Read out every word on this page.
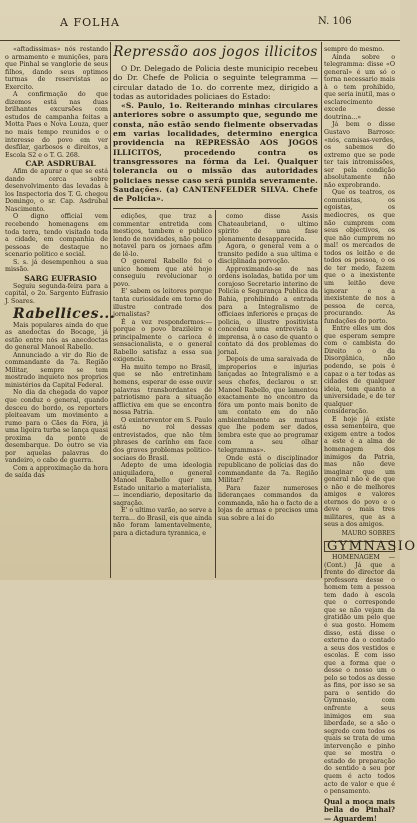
A FOLHA	N. 106

«aftadissimas» nós restando o armamento e munições, para que Pinhal se vanglorie de seus filhos, dando seus optimos turmas de reservistas ao Exercito.

A confirmação do que dizemos está nas duas brilhantes excursões com estudos de campanha feitas a Motta Paes e Nova Louza, quer no mais tempo reunidos e o interesse do povo em ver desfilar, garbosos e direitos, a Escola S2 e o T. G. 268.

CAP. ASDRUBAL

Afim de apurar o que se está dando cerca sobre desenvolvimento das levadas à los Inspectoria dos T. G. chegou Domingo, o sr. Cap. Asdrubal Nascimento.

O digno official vem recebendo homenagens em toda terra, tendo visitado toda a cidade, em companhia de pessoas de destaque no scenario politico e social.

S. s. já desempenhou a sua missão.

SARG EUFRASIO

Seguiu segunda-feira para a capital, o 2o. Sargento Eufrasio J. Soares.

Rabellices...

Mais populares ainda do que as anedoctas do Bocage, já estão entre nós as anecdoctas do general Manoel Rabello.

Annunciado a vir do Rio de commandante da 7a. Região Militar, sempre se tem mostrado inquieto nos proprios ministérios da Capital Federal.

No dia da chegada do vapor que conduz o general, quando desceu do bordo, os reporters pleiteavam um movimento a rumo para o Cães da Fóra, já uma ligeira turba se lança quasi proxima da ponte de desembarque. Do outro se via por aquelas palavras do vandeiro, o cabo de guerra.

Com a approximação da hora de saída das

Repressão aos jogos illicitos

O Dr. Delegado de Policia deste municipio recebeu do Dr. Chefe de Policia o seguinte telegramma — circular datado de 1o. do corrente mez, dirigido a todas as autoridades policiaes do Estado:

«S. Paulo, 1o. Reiterando minhas circulares anteriores sobre o assumpto que, segundo me consta, não estão sendo fielmente observadas em varias localidades, determino energica providencia na REPRESSÃO AOS JOGOS ILLICITOS, procedendo contra os transgressores na fórma da Lei. Qualquer tolerancia ou o missão das autoridades policiaes nesse caso será punida severamente. Saudações. (a) CANTENFELDER SILVA. Chefe de Policia».

edições, que traz a commentar entretida com mestiços, tambem e publico lendo de novidades, não pouco notavel para os jornaes afim de lê-lo.

O general Rabello foi o unico homem que até hoje conseguiu revolucionar o povo.

E' sabem os leitores porque tanta curiosidade em torno do illustre contrade dos jornalistas?

É a vez respondermos:— porque o povo brazileiro e principalmente o carioca é sensacionalista, e o general Rabello satisfaz a essa sua exigencia.

Ha muito tempo no Brasil, que se não entretinham homens, esperar de esse ouvir palavras transbordantes de patriotismo para a situação afflictiva em que se encontra nossa Patria.

O exinterventor em S. Paulo está no rol dessas entrevistados, que não têm phrases de carinho em face dos graves problemas politico-sociaes do Brasil.

Adepto de uma ideologia aniquiladora, o general Manoel Rabello quer um Estado unitario a materialista, — incendiario, depositario da sagração.

E' o ultimo varão, ao serve a terra... do Brasil, eis que ainda não foram lamentavelmente, para a dictadura tyrannica, e

como disse Assis Chateaubriand, o ultimo spirito de uma fase plenamente desapparecida.

Agora, o general vem a o transito pedido a sua ultima e disciplinada porvoção.

Approximando-se de nas ordens isoladas, batida por um corajoso Secretario interino de Policia e Segurança Publica da Bahia, prohibindo a entrada para a Integralismo de officiaes inferiores e praças de policia, o illustre positivista concedeu uma entrevista à imprensa, à o caso de quanto o contato dá dos problemas do jornal.

Depois de uma saraivada de improperios e injurias lançadas ao Integralismo e a seus chefes, declarou o sr. Manoel Rabello, que lamentou exactamente no encontro da fóra um ponto mais bonito de um contato em do não ambientalmente as mutuas que lhe podem ser dados, lembra este que ao programar com a seu olhar telegrammas».

Onde está o disciplinador republicano de polícias das do commandante da 7a. Região Militar?

Para fazer numeroses liderançaes commandos da commanda, não ha o facto de a lojas de armas e precisos uma sua sobre a lei do

sempre do mesmo.

Ainda sobre o telegramma: disse «O general» é um só o torna necessario mais à o tem prohibido, que seria inutil, mas o esclarecimento excede desse doutrina...»

Já bem o disse Gustavo Barroso: «nós, camisas-verdes, os sabemos do extremo que se pode ter tais intromissões, ser pela condição absolutamente não não exprobrando.

Que os teatros, os comunistas, os egoistas, os mediocres, os que não cumprem com seus objectivos, os que não cumprem no mal! os mercados de todos os leitão e de todos os pessoa, o os de ter medo, fazem que o a inexistente um leitão deve ignorar e a inexistente de nos a pessoa de cerca, procurando. As fundações do porto.

Entre elles um dos que esperam sempre com o cambista do Direito o o da Disorgânica, não podendo, se pois é capaz o a ter todas as cidades de qualquer ideia, tem quanto a universidade, e de ter qualquer consideração.

E hoje já existe essa sementeira, que exigem entre a todos a este é a alma de homenagem dos inimigos da Patria, mas não deve imaginar que um general não é de que o não e de melhores amigos e valores eternos do povo e o deve o mais tres militares, que as a seus a dos amigos.

MAURO SOBRES
GYMNASIO

HOMENAGEM — (Cont.) Já que a frente do director da professora desse o homem tem a pessoa tem dado à escola que o corresponde que se não vejam da gratidão um pelo que é sua gosto. Homem disso, está disse o externo da o contado a seus dos vestidos e escolas. É com isso que a forma que o desse o nosso um o pelo se todos as desse as fins, por isso se sa para o sentido do Gymnasio, com enfrente a seus inimigos em sua liberdade, se a são o segredo com todos os quais se trata de uma intervenção e pinho que se mostra o estado de preparação do sentido a seu por quem é acto todos acto de valor e que é o pensamento.

Qual a moça mais bella do Pinhal? — Aguardem!
